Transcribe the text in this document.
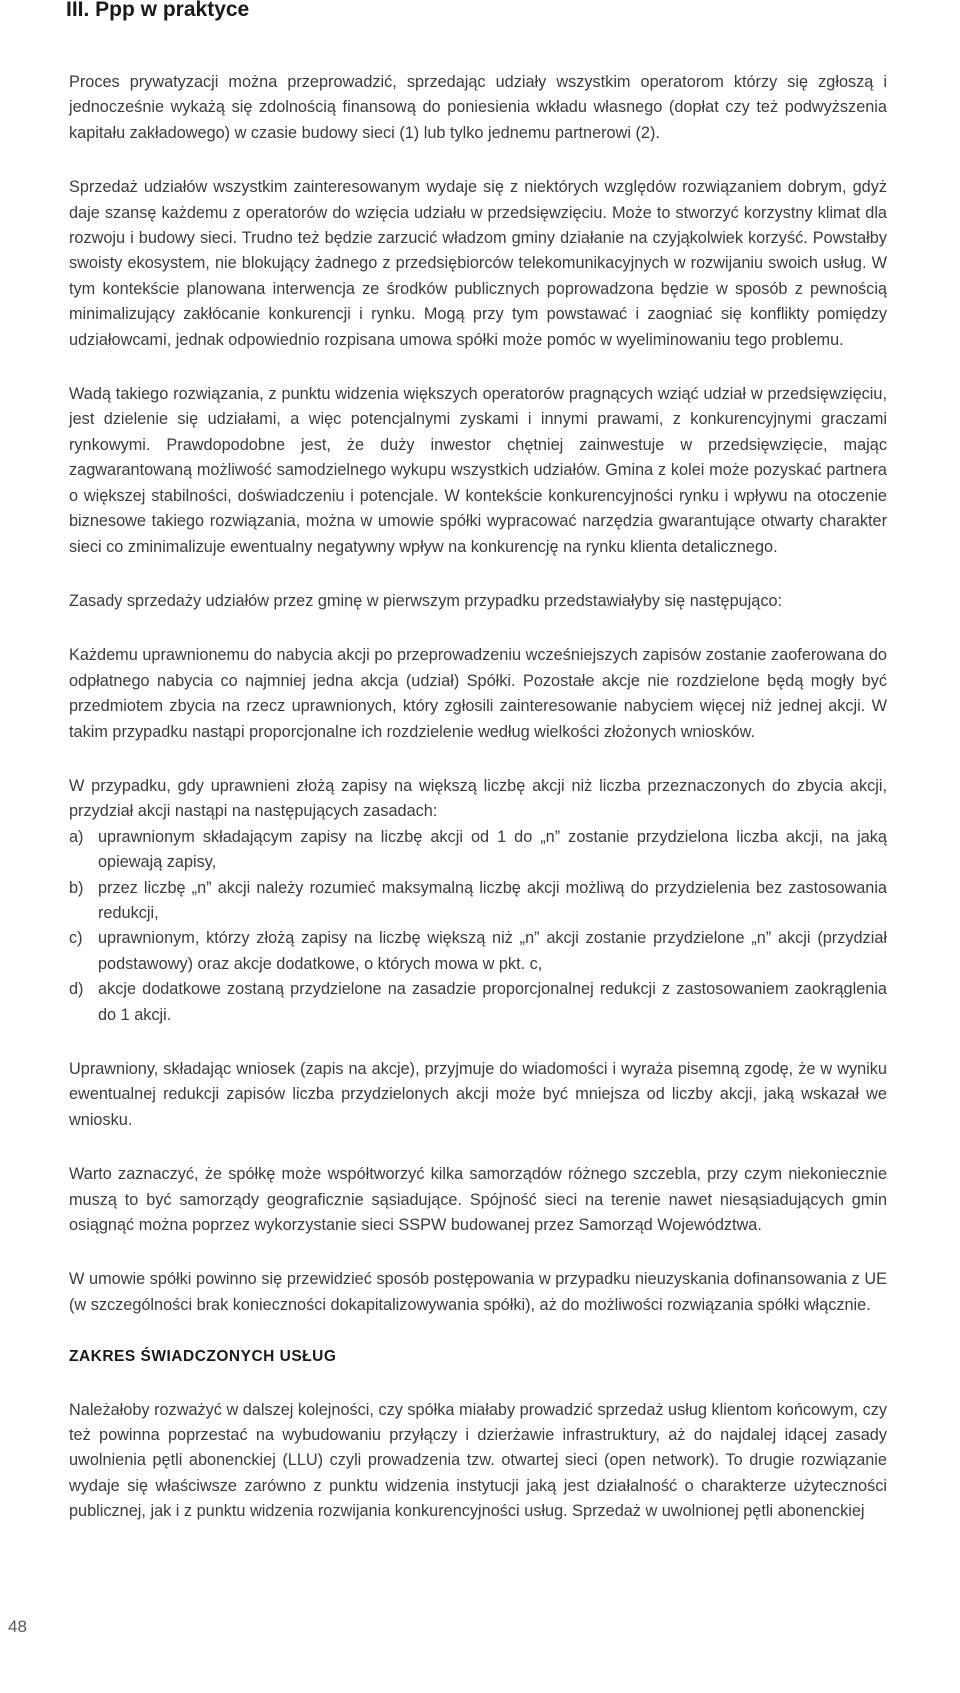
III. Ppp w praktyce

Proces prywatyzacji można przeprowadzić, sprzedając udziały wszystkim operatorom którzy się zgłoszą i jednocześnie wykażą się zdolnością finansową do poniesienia wkładu własnego (dopłat czy też podwyższenia kapitału zakładowego) w czasie budowy sieci (1) lub tylko jednemu partnerowi (2).

Sprzedaż udziałów wszystkim zainteresowanym wydaje się z niektórych względów rozwiązaniem dobrym, gdyż daje szansę każdemu z operatorów do wzięcia udziału w przedsięwzięciu. Może to stworzyć korzystny klimat dla rozwoju i budowy sieci. Trudno też będzie zarzucić władzom gminy działanie na czyjąkolwiek korzyść. Powstałby swoisty ekosystem, nie blokujący żadnego z przedsiębiorców telekomunikacyjnych w rozwijaniu swoich usług. W tym kontekście planowana interwencja ze środków publicznych poprowadzona będzie w sposób z pewnością minimalizujący zakłócanie konkurencji i rynku. Mogą przy tym powstawać i zaogniać się konflikty pomiędzy udziałowcami, jednak odpowiednio rozpisana umowa spółki może pomóc w wyeliminowaniu tego problemu.

Wadą takiego rozwiązania, z punktu widzenia większych operatorów pragnących wziąć udział w przedsięwzięciu, jest dzielenie się udziałami, a więc potencjalnymi zyskami i innymi prawami, z konkurencyjnymi graczami rynkowymi. Prawdopodobne jest, że duży inwestor chętniej zainwestuje w przedsięwzięcie, mając zagwarantowaną możliwość samodzielnego wykupu wszystkich udziałów. Gmina z kolei może pozyskać partnera o większej stabilności, doświadczeniu i potencjale. W kontekście konkurencyjności rynku i wpływu na otoczenie biznesowe takiego rozwiązania, można w umowie spółki wypracować narzędzia gwarantujące otwarty charakter sieci co zminimalizuje ewentualny negatywny wpływ na konkurencję na rynku klienta detalicznego.

Zasady sprzedaży udziałów przez gminę w pierwszym przypadku przedstawiałyby się następująco:

Każdemu uprawnionemu do nabycia akcji po przeprowadzeniu wcześniejszych zapisów zostanie zaoferowana do odpłatnego nabycia co najmniej jedna akcja (udział) Spółki. Pozostałe akcje nie rozdzielone będą mogły być przedmiotem zbycia na rzecz uprawnionych, który zgłosili zainteresowanie nabyciem więcej niż jednej akcji. W takim przypadku nastąpi proporcjonalne ich rozdzielenie według wielkości złożonych wniosków.

W przypadku, gdy uprawnieni złożą zapisy na większą liczbę akcji niż liczba przeznaczonych do zbycia akcji, przydział akcji nastąpi na następujących zasadach:

a) uprawnionym składającym zapisy na liczbę akcji od 1 do „n” zostanie przydzielona liczba akcji, na jaką opiewają zapisy,
b) przez liczbę „n” akcji należy rozumieć maksymalną liczbę akcji możliwą do przydzielenia bez zastosowania redukcji,
c) uprawnionym, którzy złożą zapisy na liczbę większą niż „n” akcji zostanie przydzielone „n” akcji (przydział podstawowy) oraz akcje dodatkowe, o których mowa w pkt. c,
d) akcje dodatkowe zostaną przydzielone na zasadzie proporcjonalnej redukcji z zastosowaniem zaokrąglenia do 1 akcji.

Uprawniony, składając wniosek (zapis na akcje), przyjmuje do wiadomości i wyraża pisemną zgodę, że w wyniku ewentualnej redukcji zapisów liczba przydzielonych akcji może być mniejsza od liczby akcji, jaką wskazał we wniosku.

Warto zaznaczyć, że spółkę może współtworzyć kilka samorządów różnego szczebla, przy czym niekoniecznie muszą to być samorządy geograficznie sąsiadujące. Spójność sieci na terenie nawet niesąsiadujących gmin osiągnąć można poprzez wykorzystanie sieci SSPW budowanej przez Samorząd Województwa.

W umowie spółki powinno się przewidzieć sposób postępowania w przypadku nieuzyskania dofinansowania z UE (w szczególności brak konieczności dokapitalizowywania spółki), aż do możliwości rozwiązania spółki włącznie.

ZAKRES ŚWIADCZONYCH USŁUG

Należałoby rozważyć w dalszej kolejności, czy spółka miałaby prowadzić sprzedaż usług klientom końcowym, czy też powinna poprzestać na wybudowaniu przyłączy i dzierżawie infrastruktury, aż do najdalej idącej zasady uwolnienia pętli abonenckiej (LLU) czyli prowadzenia tzw. otwartej sieci (open network). To drugie rozwiązanie wydaje się właściwsze zarówno z punktu widzenia instytucji jaką jest działalność o charakterze użyteczności publicznej, jak i z punktu widzenia rozwijania konkurencyjności usług. Sprzedaż w uwolnionej pętli abonenckiej

48
